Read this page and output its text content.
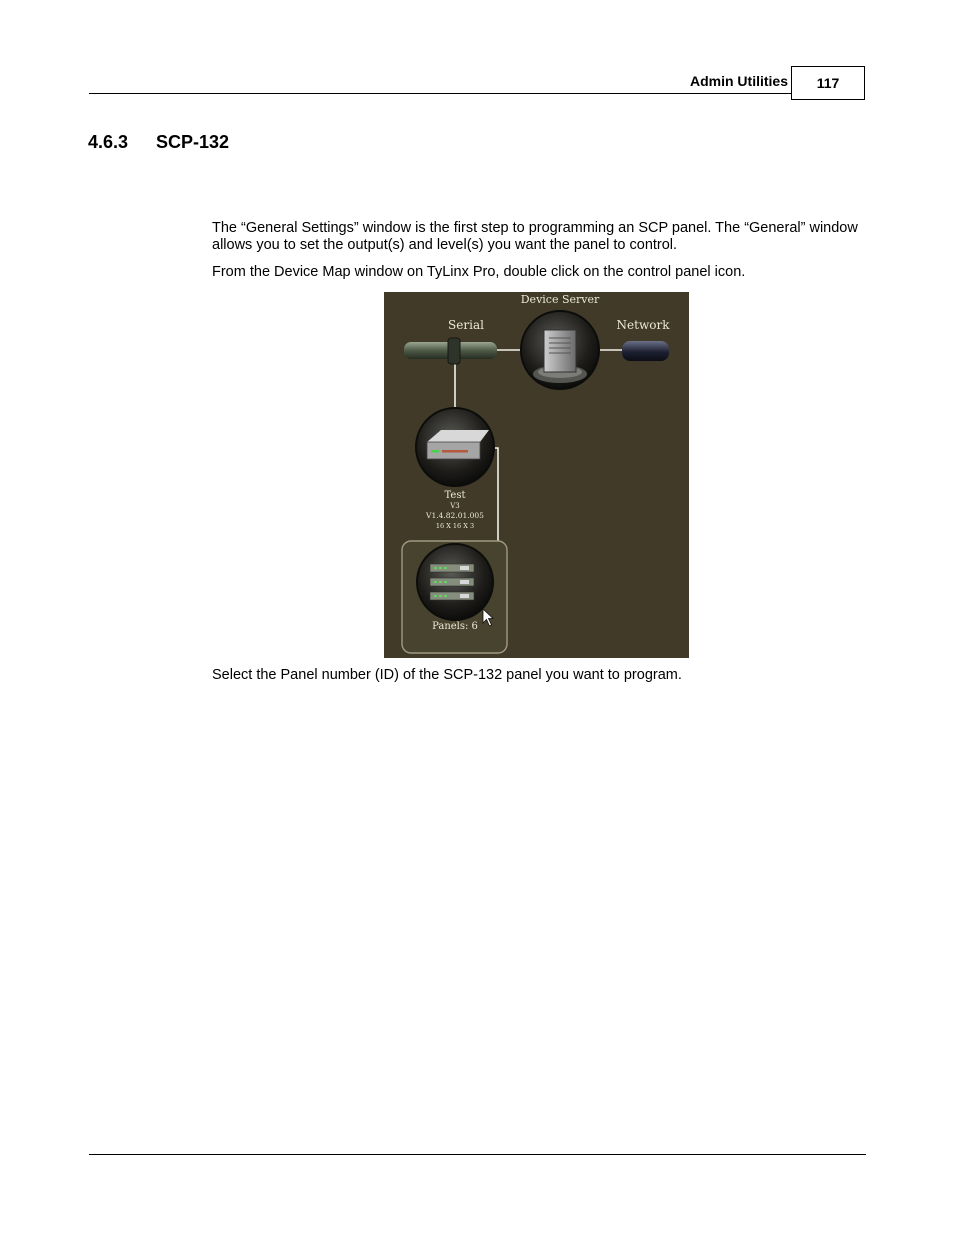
Admin Utilities	117
4.6.3 SCP-132

The “General Settings” window is the first step to programming an SCP panel. The “General” window allows you to set the output(s) and level(s) you want the panel to control.

From the Device Map window on TyLinx Pro, double click on the control panel icon.

Serial
Device Server
Network
Test
V3
V1.4.82.01.005
16 X 16 X 3
Panels: 6

Select the Panel number (ID) of the SCP-132 panel you want to program.
